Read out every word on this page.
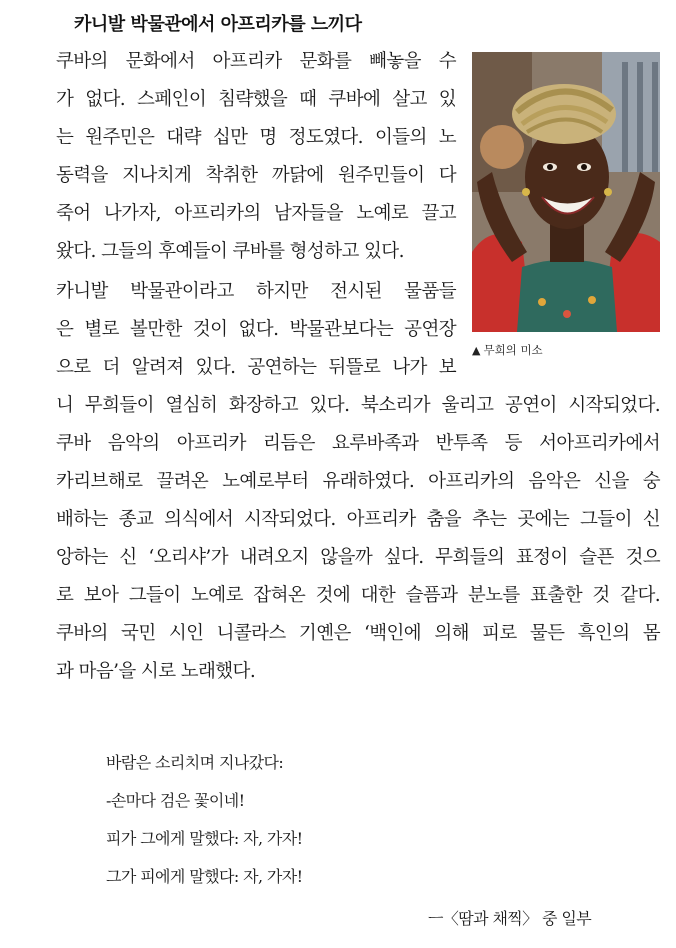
카니발 박물관에서 아프리카를 느끼다
▲ 무희의 미소
쿠바의 문화에서 아프리카 문화를 빼놓을 수
가 없다. 스페인이 침략했을 때 쿠바에 살고 있
는 원주민은 대략 십만 명 정도였다. 이들의 노
동력을 지나치게 착취한 까닭에 원주민들이 다
죽어 나가자, 아프리카의 남자들을 노예로 끌고
왔다. 그들의 후예들이 쿠바를 형성하고 있다.
카니발 박물관이라고 하지만 전시된 물품들
은 별로 볼만한 것이 없다. 박물관보다는 공연장
으로 더 알려져 있다. 공연하는 뒤뜰로 나가 보
니 무희들이 열심히 화장하고 있다. 북소리가 울리고 공연이 시작되었다.
쿠바 음악의 아프리카 리듬은 요루바족과 반투족 등 서아프리카에서
카리브해로 끌려온 노예로부터 유래하였다. 아프리카의 음악은 신을 숭
배하는 종교 의식에서 시작되었다. 아프리카 춤을 추는 곳에는 그들이 신
앙하는 신 ‘오리샤’가 내려오지 않을까 싶다. 무희들의 표정이 슬픈 것으
로 보아 그들이 노예로 잡혀온 것에 대한 슬픔과 분노를 표출한 것 같다.
쿠바의 국민 시인 니콜라스 기옌은 ‘백인에 의해 피로 물든 흑인의 몸
과 마음’을 시로 노래했다.
바람은 소리치며 지나갔다:
-손마다 검은 꽃이네!
피가 그에게 말했다: 자, 가자!
그가 피에게 말했다: 자, 가자!
ㅡ〈땀과 채찍〉 중 일부
